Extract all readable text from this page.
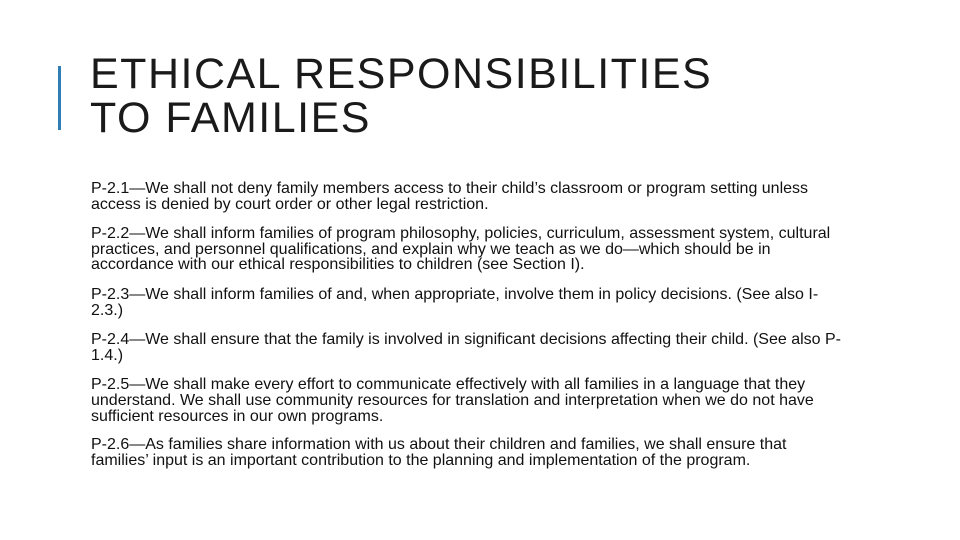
ETHICAL RESPONSIBILITIES
TO FAMILIES

P-2.1—We shall not deny family members access to their child’s classroom or program setting unless access is denied by court order or other legal restriction.

P-2.2—We shall inform families of program philosophy, policies, curriculum, assessment system, cultural practices, and personnel qualifications, and explain why we teach as we do—which should be in accordance with our ethical responsibilities to children (see Section I).

P-2.3—We shall inform families of and, when appropriate, involve them in policy decisions. (See also I-2.3.)

P-2.4—We shall ensure that the family is involved in significant decisions affecting their child. (See also P-1.4.)

P-2.5—We shall make every effort to communicate effectively with all families in a language that they understand. We shall use community resources for translation and interpretation when we do not have sufficient resources in our own programs.

P-2.6—As families share information with us about their children and families, we shall ensure that families’ input is an important contribution to the planning and implementation of the program.
